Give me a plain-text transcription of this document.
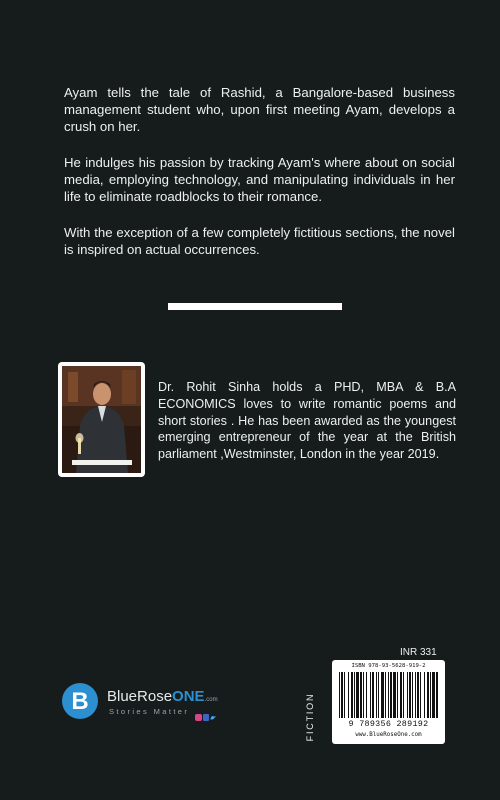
Ayam tells the tale of Rashid, a Bangalore-based business management student who, upon first meeting Ayam, develops a crush on her.

He indulges his passion by tracking Ayam's where about on social media, employing technology, and manipulating individuals in her life to eliminate roadblocks to their romance.

With the exception of a few completely fictitious sections, the novel is inspired on actual occurrences.

Dr. Rohit Sinha holds a PHD, MBA & B.A ECONOMICS loves to write romantic poems and short stories . He has been awarded as the youngest emerging entrepreneur of the year at the British parliament ,Westminster, London in the year 2019.
B	BlueRoseONE.com
Stories Matter
INR 331
FICTION
ISBN 978-93-5628-919-2
9 789356 289192
www.BlueRoseOne.com
